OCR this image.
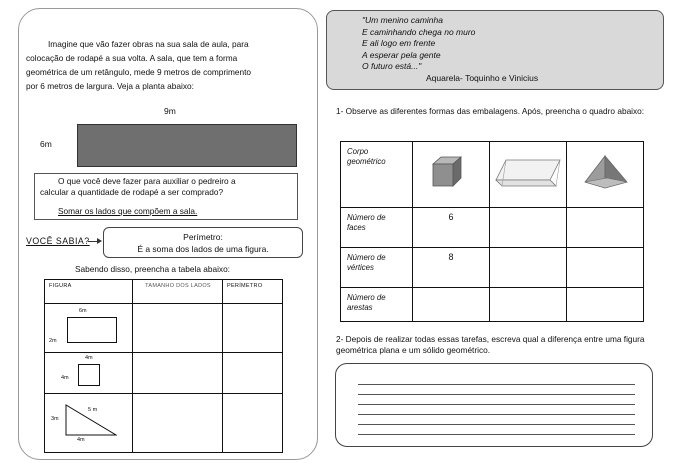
Imagine que vão fazer obras na sua sala de aula, para
colocação de rodapé a sua volta. A sala, que tem a forma
geométrica de um retângulo, mede 9 metros de comprimento
por 6 metros de largura. Veja a planta abaixo:
9m
6m
O que você deve fazer para auxiliar o pedreiro a
calcular a quantidade de rodapé a ser comprado?
Somar os lados que compõem a sala.
VOCÊ SABIA?	Perímetro:
É a soma dos lados de uma figura.
Sabendo disso, preencha a tabela abaixo:
FIGURA	TAMANHO DOS LADOS	PERÍMETRO

6m
2m		

4m
4m		

5 m
3m
4m		

"Um menino caminha
E caminhando chega no muro
E ali logo em frente
A esperar pela gente
O futuro está..."
Aquarela- Toquinho e Vinicius
1- Observe as diferentes formas das embalagens. Após, preencha o quadro abaixo:
Corpo
geométrico

Número de
faces	6		

Número de
vértices	8		

Número de
arestas			

2- Depois de realizar todas essas tarefas, escreva qual a diferença entre uma figura geométrica plana e um sólido geométrico.
